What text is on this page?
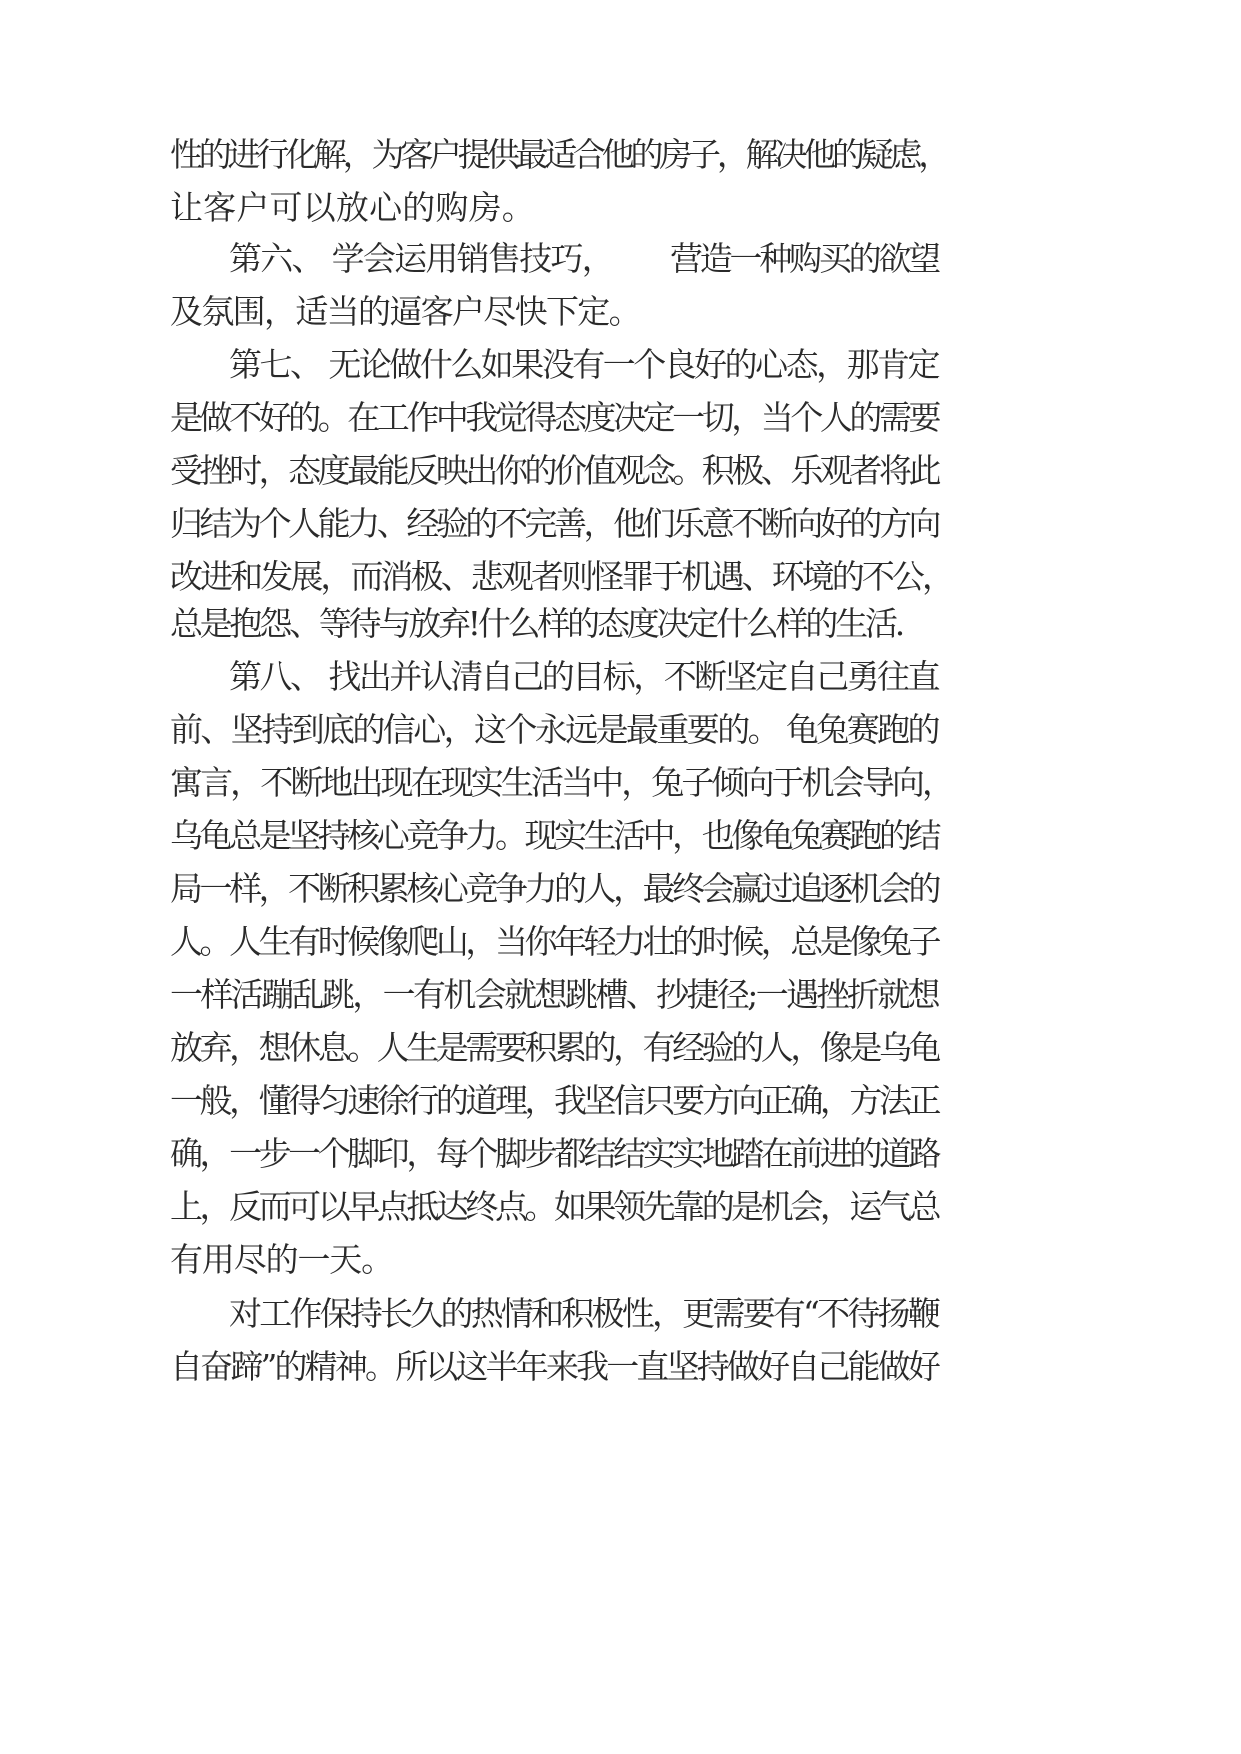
性的进行化解，为客户提供最适合他的房子，解决他的疑虑，
让客户可以放心的购房。
第六、 学会运用销售技巧， 营造一种购买的欲望
及氛围，适当的逼客户尽快下定。
第七、 无论做什么如果没有一个良好的心态，那肯定
是做不好的。在工作中我觉得态度决定一切，当个人的需要
受挫时，态度最能反映出你的价值观念。积极、乐观者将此
归结为个人能力、经验的不完善，他们乐意不断向好的方向
改进和发展，而消极、悲观者则怪罪于机遇、环境的不公，
总是抱怨、等待与放弃!什么样的态度决定什么样的生活.
第八、 找出并认清自己的目标，不断坚定自己勇往直
前、坚持到底的信心，这个永远是最重要的。 龟兔赛跑的
寓言，不断地出现在现实生活当中，兔子倾向于机会导向，
乌龟总是坚持核心竞争力。现实生活中，也像龟兔赛跑的结
局一样，不断积累核心竞争力的人，最终会赢过追逐机会的
人。人生有时候像爬山，当你年轻力壮的时候，总是像兔子
一样活蹦乱跳，一有机会就想跳槽、抄捷径;一遇挫折就想
放弃，想休息。人生是需要积累的，有经验的人，像是乌龟
一般，懂得匀速徐行的道理，我坚信只要方向正确，方法正
确，一步一个脚印，每个脚步都结结实实地踏在前进的道路
上，反而可以早点抵达终点。如果领先靠的是机会，运气总
有用尽的一天。
对工作保持长久的热情和积极性，更需要有“不待扬鞭
自奋蹄”的精神。所以这半年来我一直坚持做好自己能做好
